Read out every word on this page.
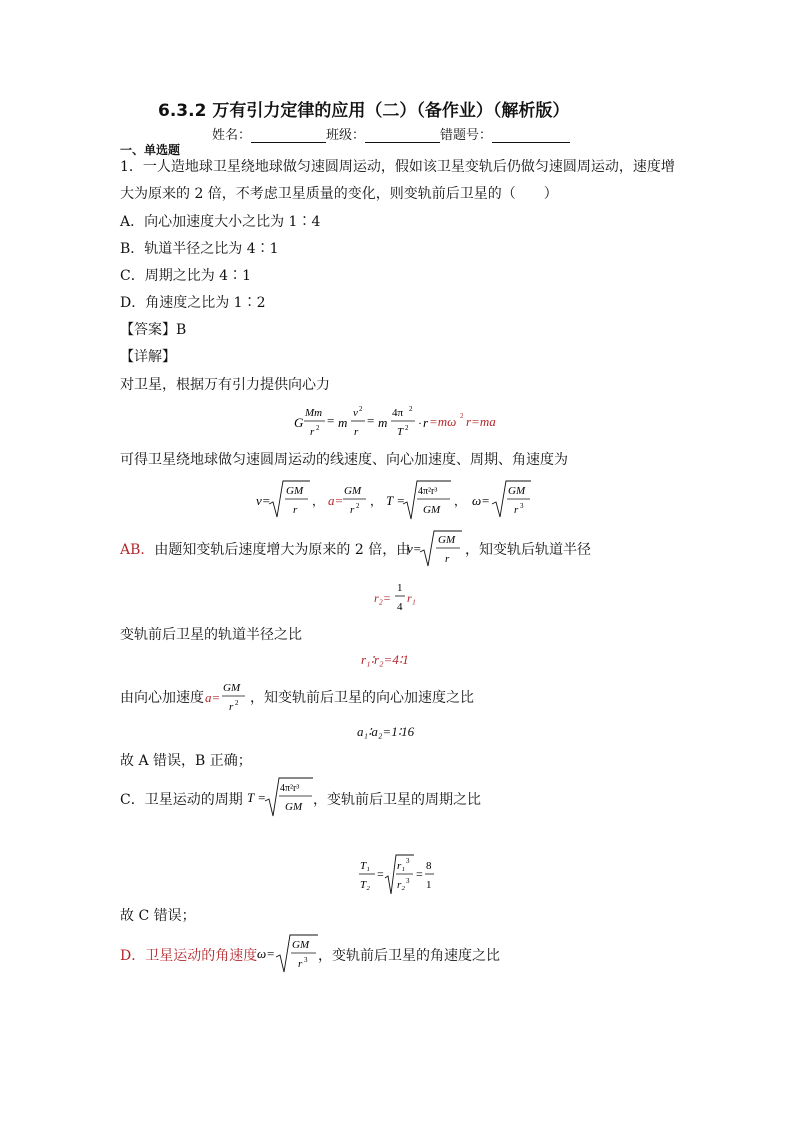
6.3.2 万有引力定律的应用（二）（备作业）（解析版）
姓名：	班级：	错题号：
一、单选题
1．一人造地球卫星绕地球做匀速圆周运动，假如该卫星变轨后仍做匀速圆周运动，速度增
大为原来的 2 倍，不考虑卫星质量的变化，则变轨前后卫星的（　　）
A．向心加速度大小之比为 1∶4
B．轨道半径之比为 4∶1
C．周期之比为 4∶1
D．角速度之比为 1∶2
【答案】B
【详解】
对卫星，根据万有引力提供向心力
G
Mm
r 2 = m
v 2
r
= m
4π 2
T 2 · r =mω 2 r=ma
可得卫星绕地球做匀速圆周运动的线速度、向心加速度、周期、角速度为
v=
GM
r
， a=
GM
r 2 ， T =
4π²r³
GM
， ω=
GM
r 3
AB．由题知变轨后速度增大为原来的 2 倍，由
v=
GM
r
，知变轨后轨道半径
r₂=
1
4
r₁
变轨前后卫星的轨道半径之比
r₁∶r₂=4∶1
由向心加速度 a=
GM
r 2 ，知变轨前后卫星的向心加速度之比
a₁∶a₂=1∶16
故 A 错误，B 正确；
C．卫星运动的周期 T =
4π²r³
GM ，变轨前后卫星的周期之比
T₁
T₂
=
r₁ 3
r₂ 3 =
8
1
故 C 错误；
D．卫星运动的角速度 ω=
GM
r 3 ，变轨前后卫星的角速度之比
